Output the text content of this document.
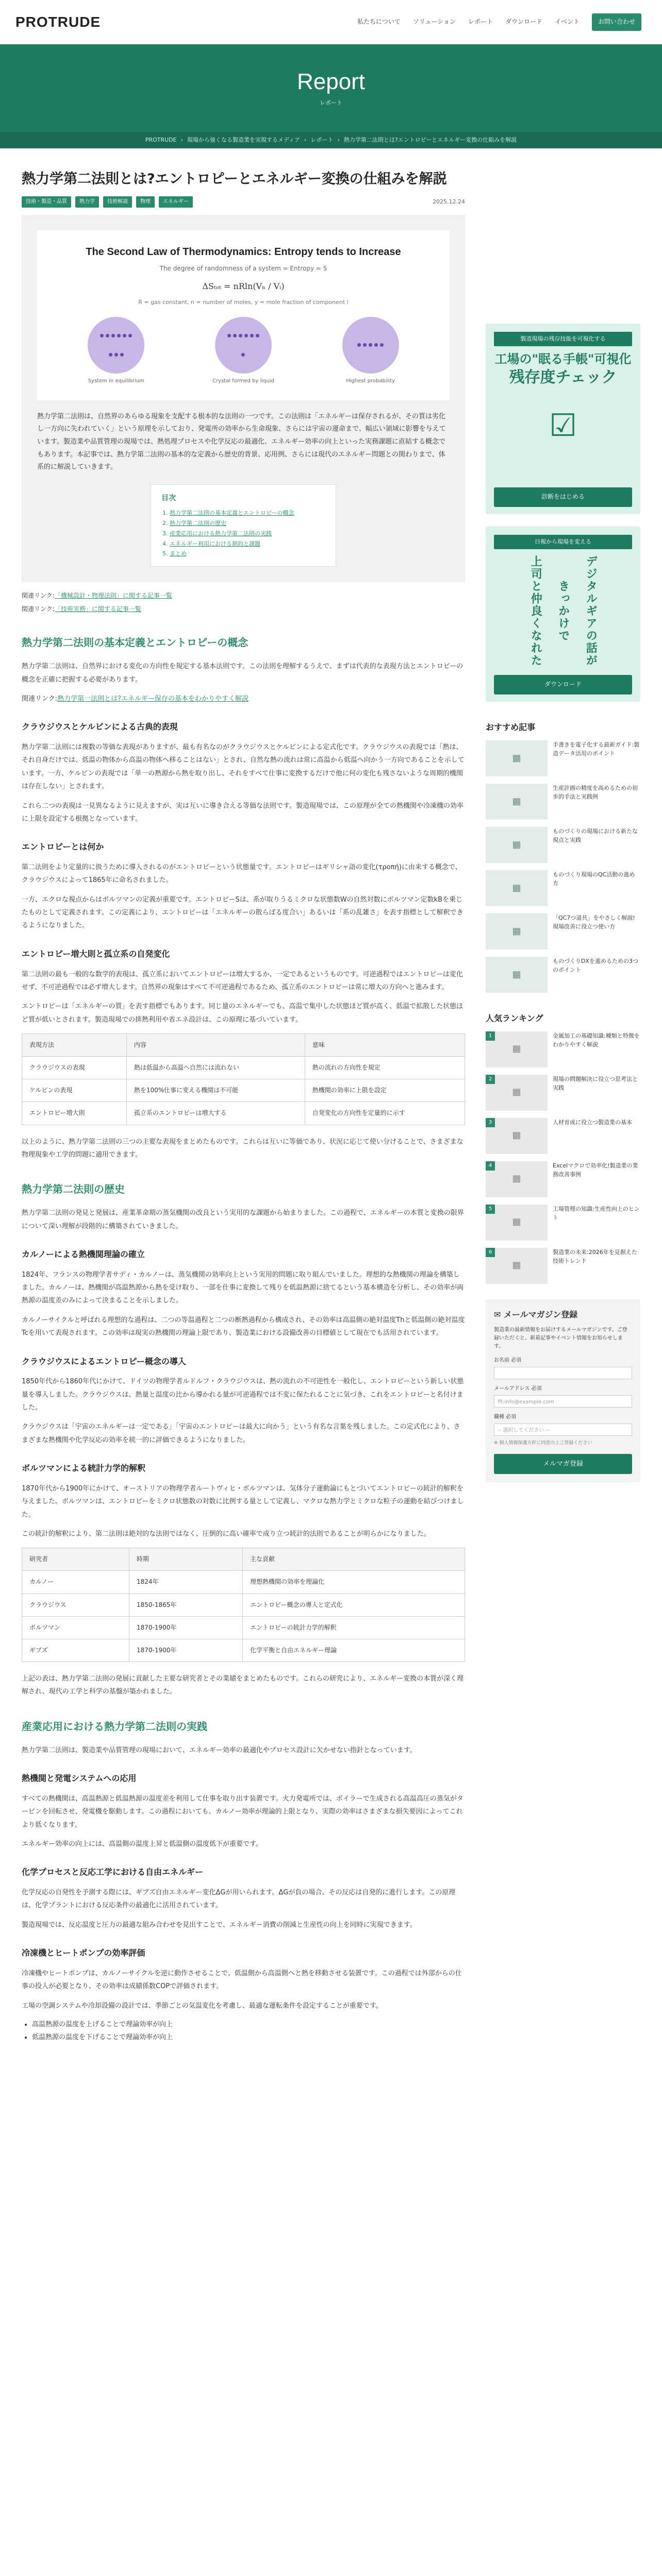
PROTRUDE	私たちについて ソリューション レポート ダウンロード イベント	お問い合わせ
Report
レポート
PROTRUDE › 現場から強くなる製造業を実現するメディア › レポート › 熱力学第二法則とは?エントロピーとエネルギー変換の仕組みを解説
熱力学第二法則とは?エントロピーとエネルギー変換の仕組みを解説
技術・製造・品質	熱力学	技術解説	物理	エネルギー	2025.12.24
The Second Law of Thermodynamics: Entropy tends to Increase
The degree of randomness of a system = Entropy = S
ΔSₜₒₜ = nRln(Vₙ / Vᵢ)
R = gas constant, n = number of moles, y = mole fraction of component i
System in equilibrium	Crystal formed by liquid	Highest probability

熱力学第二法則は、自然界のあらゆる現象を支配する根本的な法則の一つです。この法則は「エネルギーは保存されるが、その質は劣化し一方向に失われていく」という原理を示しており、発電所の効率から生命現象、さらには宇宙の運命まで、幅広い領域に影響を与えています。製造業や品質管理の現場では、熱処理プロセスや化学反応の最適化、エネルギー効率の向上といった実務課題に直結する概念でもあります。本記事では、熱力学第二法則の基本的な定義から歴史的背景、応用例、さらには現代のエネルギー問題との関わりまで、体系的に解説していきます。

目次
1. 熱力学第二法則の基本定義とエントロピーの概念
2. 熱力学第二法則の歴史
3. 産業応用における熱力学第二法則の実践
4. エネルギー利用における制約と課題
5. まとめ
関連リンク:「機械設計・物理法則」に関する記事一覧
関連リンク:「技術実務」に関する記事一覧
熱力学第二法則の基本定義とエントロピーの概念

熱力学第二法則は、自然界における変化の方向性を規定する基本法則です。この法則を理解するうえで、まずは代表的な表現方法とエントロピーの概念を正確に把握する必要があります。

関連リンク:熱力学第一法則とは?エネルギー保存の基本をわかりやすく解説

クラウジウスとケルビンによる古典的表現

熱力学第二法則には複数の等価な表現がありますが、最も有名なのがクラウジウスとケルビンによる定式化です。クラウジウスの表現では「熱は、それ自身だけでは、低温の物体から高温の物体へ移ることはない」とされ、自然な熱の流れは常に高温から低温へ向かう一方向であることを示しています。一方、ケルビンの表現では「単一の熱源から熱を取り出し、それをすべて仕事に変換するだけで他に何の変化も残さないような周期的機関は存在しない」とされます。

これら二つの表現は一見異なるように見えますが、実は互いに導き合える等価な法則です。製造現場では、この原理が全ての熱機関や冷凍機の効率に上限を設定する根拠となっています。

エントロピーとは何か

第二法則をより定量的に扱うために導入されるのがエントロピーという状態量です。エントロピーはギリシャ語の変化(τροπή)に由来する概念で、クラウジウスによって1865年に命名されました。

一方、エクロな視点からはボルツマンの定義が重要です。エントロピーSは、系が取りうるミクロな状態数Wの自然対数にボルツマン定数kBを乗じたものとして定義されます。この定義により、エントロピーは「エネルギーの散らばる度合い」あるいは「系の乱雑さ」を表す指標として解釈できるようになりました。

エントロピー増大則と孤立系の自発変化

第二法則の最も一般的な数学的表現は、孤立系においてエントロピーは増大するか、一定であるというものです。可逆過程ではエントロピーは変化せず、不可逆過程では必ず増大します。自然界の現象はすべて不可逆過程であるため、孤立系のエントロピーは常に増大の方向へと進みます。

エントロピーは「エネルギーの質」を表す指標でもあります。同じ量のエネルギーでも、高温で集中した状態ほど質が高く、低温で拡散した状態ほど質が低いとされます。製造現場での排熱利用や省エネ設計は、この原理に基づいています。

表現方法	内容	意味
クラウジウスの表現	熱は低温から高温へ自然には流れない	熱の流れの方向性を規定
ケルビンの表現	熱を100%仕事に変える機関は不可能	熱機関の効率に上限を設定
エントロピー増大則	孤立系のエントロピーは増大する	自発変化の方向性を定量的に示す

以上のように、熱力学第二法則の三つの主要な表現をまとめたものです。これらは互いに等価であり、状況に応じて使い分けることで、さまざまな物理現象や工学的問題に適用できます。

熱力学第二法則の歴史

熱力学第二法則の発見と発展は、産業革命期の蒸気機関の改良という実用的な課題から始まりました。この過程で、エネルギーの本質と変換の限界について深い理解が段階的に構築されていきました。

カルノーによる熱機関理論の確立

1824年、フランスの物理学者サディ・カルノーは、蒸気機関の効率向上という実用的問題に取り組んでいました。理想的な熱機関の理論を構築しました。カルノーは、熱機関が高温熱源から熱を受け取り、一部を仕事に変換して残りを低温熱源に捨てるという基本構造を分析し、その効率が両熱源の温度差のみによって決まることを示しました。

カルノーサイクルと呼ばれる理想的な過程は、二つの等温過程と二つの断熱過程から構成され、その効率は高温側の絶対温度Thと低温側の絶対温度Tcを用いて表現されます。この効率は現実の熱機関の理論上限であり、製造業における設備改善の目標値として現在でも活用されています。

クラウジウスによるエントロピー概念の導入

1850年代から1860年代にかけて、ドイツの物理学者ルドルフ・クラウジウスは、熱の流れの不可逆性を一般化し、エントロピーという新しい状態量を導入しました。クラウジウスは、熱量と温度の比から導かれる量が可逆過程では不変に保たれることに気づき、これをエントロピーと名付けました。

クラウジウスは「宇宙のエネルギーは一定である」「宇宙のエントロピーは最大に向かう」という有名な言葉を残しました。この定式化により、さまざまな熱機関や化学反応の効率を統一的に評価できるようになりました。

ボルツマンによる統計力学的解釈

1870年代から1900年にかけて、オーストリアの物理学者ルートヴィヒ・ボルツマンは、気体分子運動論にもとづいてエントロピーの統計的解釈を与えました。ボルツマンは、エントロピーをミクロ状態数の対数に比例する量として定義し、マクロな熱力学とミクロな粒子の運動を結びつけました。

この統計的解釈により、第二法則は絶対的な法則ではなく、圧倒的に高い確率で成り立つ統計的法則であることが明らかになりました。

研究者	時期	主な貢献
カルノー	1824年	理想熱機関の効率を理論化
クラウジウス	1850-1865年	エントロピー概念の導入と定式化
ボルツマン	1870-1900年	エントロピーの統計力学的解釈
ギブズ	1870-1900年	化学平衡と自由エネルギー理論

上記の表は、熱力学第二法則の発展に貢献した主要な研究者とその業績をまとめたものです。これらの研究により、エネルギー変換の本質が深く理解され、現代の工学と科学の基盤が築かれました。

産業応用における熱力学第二法則の実践

熱力学第二法則は、製造業や品質管理の現場において、エネルギー効率の最適化やプロセス設計に欠かせない指針となっています。

熱機関と発電システムへの応用

すべての熱機関は、高温熱源と低温熱源の温度差を利用して仕事を取り出す装置です。火力発電所では、ボイラーで生成される高温高圧の蒸気がタービンを回転させ、発電機を駆動します。この過程においても、カルノー効率が理論的上限となり、実際の効率はさまざまな損失要因によってこれより低くなります。

エネルギー効率の向上には、高温側の温度上昇と低温側の温度低下が重要です。

化学プロセスと反応工学における自由エネルギー

化学反応の自発性を予測する際には、ギブズ自由エネルギー変化ΔGが用いられます。ΔGが負の場合、その反応は自発的に進行します。この原理は、化学プラントにおける反応条件の最適化に活用されています。

製造現場では、反応温度と圧力の最適な組み合わせを見出すことで、エネルギー消費の削減と生産性の向上を同時に実現できます。

冷凍機とヒートポンプの効率評価

冷凍機やヒートポンプは、カルノーサイクルを逆に動作させることで、低温側から高温側へと熱を移動させる装置です。この過程では外部からの仕事の投入が必要となり、その効率は成績係数COPで評価されます。

工場の空調システムや冷却設備の設計では、季節ごとの気温変化を考慮し、最適な運転条件を設定することが重要です。

• 高温熱源の温度を上げることで理論効率が向上
• 低温熱源の温度を下げることで理論効率が向上
製造現場の残存技能を可視化する
工場の"眠る手帳"可視化
残存度チェック
☑
診断をはじめる
日報から現場を変える
上司と仲良くなれた	きっかけで	デジタルギアの話が
ダウンロード
おすすめ記事
▦
手書きを電子化する最新ガイド:製造データ活用のポイント
▦
生産計画の精度を高めるための初歩的手法と実践例
▦
ものづくりの現場における新たな視点と実践
▦
ものづくり現場のQC活動の進め方
▦
「QC7つ道具」をやさしく解説!現場改善に役立つ使い方
▦
ものづくりDXを進めるための3つのポイント
人気ランキング
▦
1	金属加工の基礎知識:種類と特徴をわかりやすく解説
▦
2	現場の問題解決に役立つ思考法と実践
▦
3	人材育成に役立つ製造業の基本
▦
4	Excelマクロで効率化!製造業の業務改善事例
▦
5	工場管理の知識:生産性向上のヒント
▦
6	製造業の未来:2026年を見据えた技術トレンド
✉ メールマガジン登録

製造業の最新情報をお届けするメールマガジンです。ご登録いただくと、新着記事やイベント情報をお知らせします。

お名前 必須
メールアドレス 必須
例:info@example.com
職種 必須
-- 選択してください --
※ 個人情報保護方針に同意の上ご登録ください
メルマガ登録
